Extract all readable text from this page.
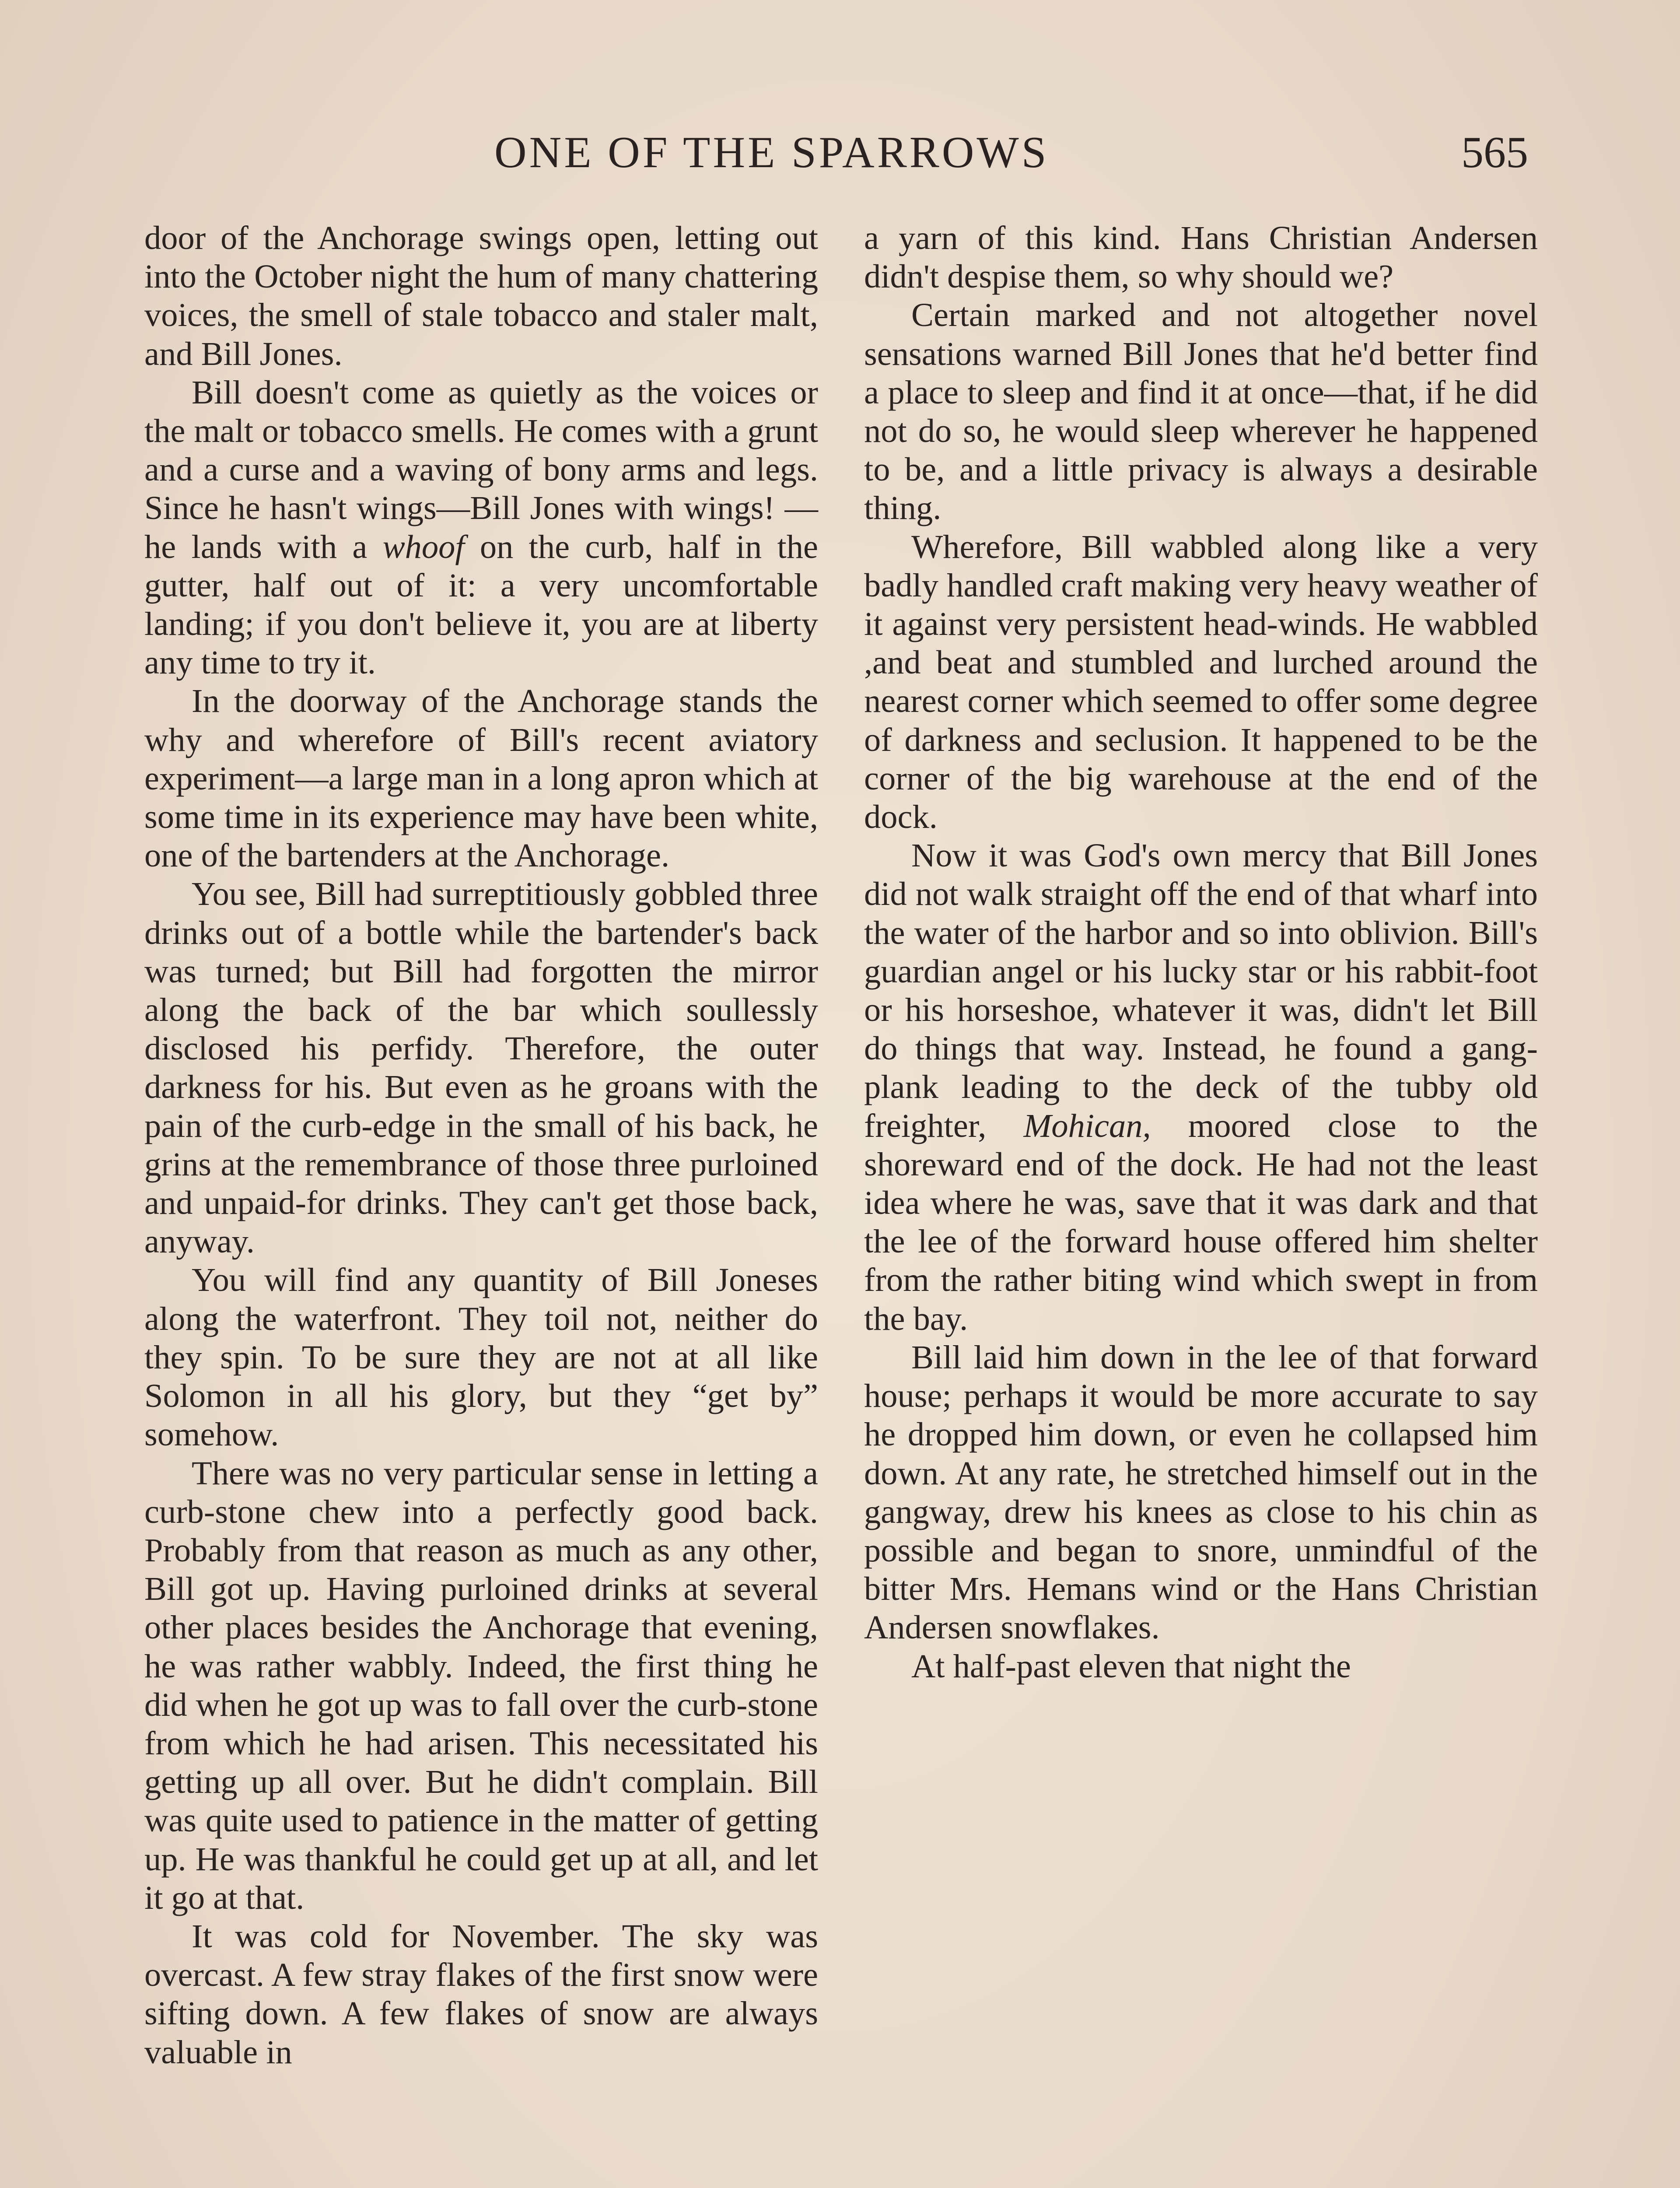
ONE OF THE SPARROWS	565

door of the Anchorage swings open, letting out into the October night the hum of many chattering voices, the smell of stale tobacco and staler malt, and Bill Jones.

Bill doesn't come as quietly as the voices or the malt or tobacco smells. He comes with a grunt and a curse and a waving of bony arms and legs. Since he hasn't wings—Bill Jones with wings! —he lands with a whoof on the curb, half in the gutter, half out of it: a very uncomfortable landing; if you don't believe it, you are at liberty any time to try it.

In the doorway of the Anchorage stands the why and wherefore of Bill's recent aviatory experiment—a large man in a long apron which at some time in its experience may have been white, one of the bartenders at the Anchorage.

You see, Bill had surreptitiously gobbled three drinks out of a bottle while the bartender's back was turned; but Bill had forgotten the mirror along the back of the bar which soullessly disclosed his perfidy. Therefore, the outer darkness for his. But even as he groans with the pain of the curb-edge in the small of his back, he grins at the remembrance of those three purloined and unpaid-for drinks. They can't get those back, anyway.

You will find any quantity of Bill Joneses along the waterfront. They toil not, neither do they spin. To be sure they are not at all like Solomon in all his glory, but they “get by” somehow.

There was no very particular sense in letting a curb-stone chew into a perfectly good back. Probably from that reason as much as any other, Bill got up. Having purloined drinks at several other places besides the Anchorage that evening, he was rather wabbly. Indeed, the first thing he did when he got up was to fall over the curb-stone from which he had arisen. This necessitated his getting up all over. But he didn't complain. Bill was quite used to patience in the matter of getting up. He was thankful he could get up at all, and let it go at that.

It was cold for November. The sky was overcast. A few stray flakes of the first snow were sifting down. A few flakes of snow are always valuable in

a yarn of this kind. Hans Christian Andersen didn't despise them, so why should we?

Certain marked and not altogether novel sensations warned Bill Jones that he'd better find a place to sleep and find it at once—that, if he did not do so, he would sleep wherever he happened to be, and a little privacy is always a desirable thing.

Wherefore, Bill wabbled along like a very badly handled craft making very heavy weather of it against very persistent head-winds. He wabbled ,and beat and stumbled and lurched around the nearest corner which seemed to offer some degree of darkness and seclusion. It happened to be the corner of the big warehouse at the end of the dock.

Now it was God's own mercy that Bill Jones did not walk straight off the end of that wharf into the water of the harbor and so into oblivion. Bill's guardian angel or his lucky star or his rabbit-foot or his horseshoe, whatever it was, didn't let Bill do things that way. Instead, he found a gang-plank leading to the deck of the tubby old freighter, Mohican, moored close to the shoreward end of the dock. He had not the least idea where he was, save that it was dark and that the lee of the forward house offered him shelter from the rather biting wind which swept in from the bay.

Bill laid him down in the lee of that forward house; perhaps it would be more accurate to say he dropped him down, or even he collapsed him down. At any rate, he stretched himself out in the gangway, drew his knees as close to his chin as possible and began to snore, unmindful of the bitter Mrs. Hemans wind or the Hans Christian Andersen snowflakes.

At half-past eleven that night the
